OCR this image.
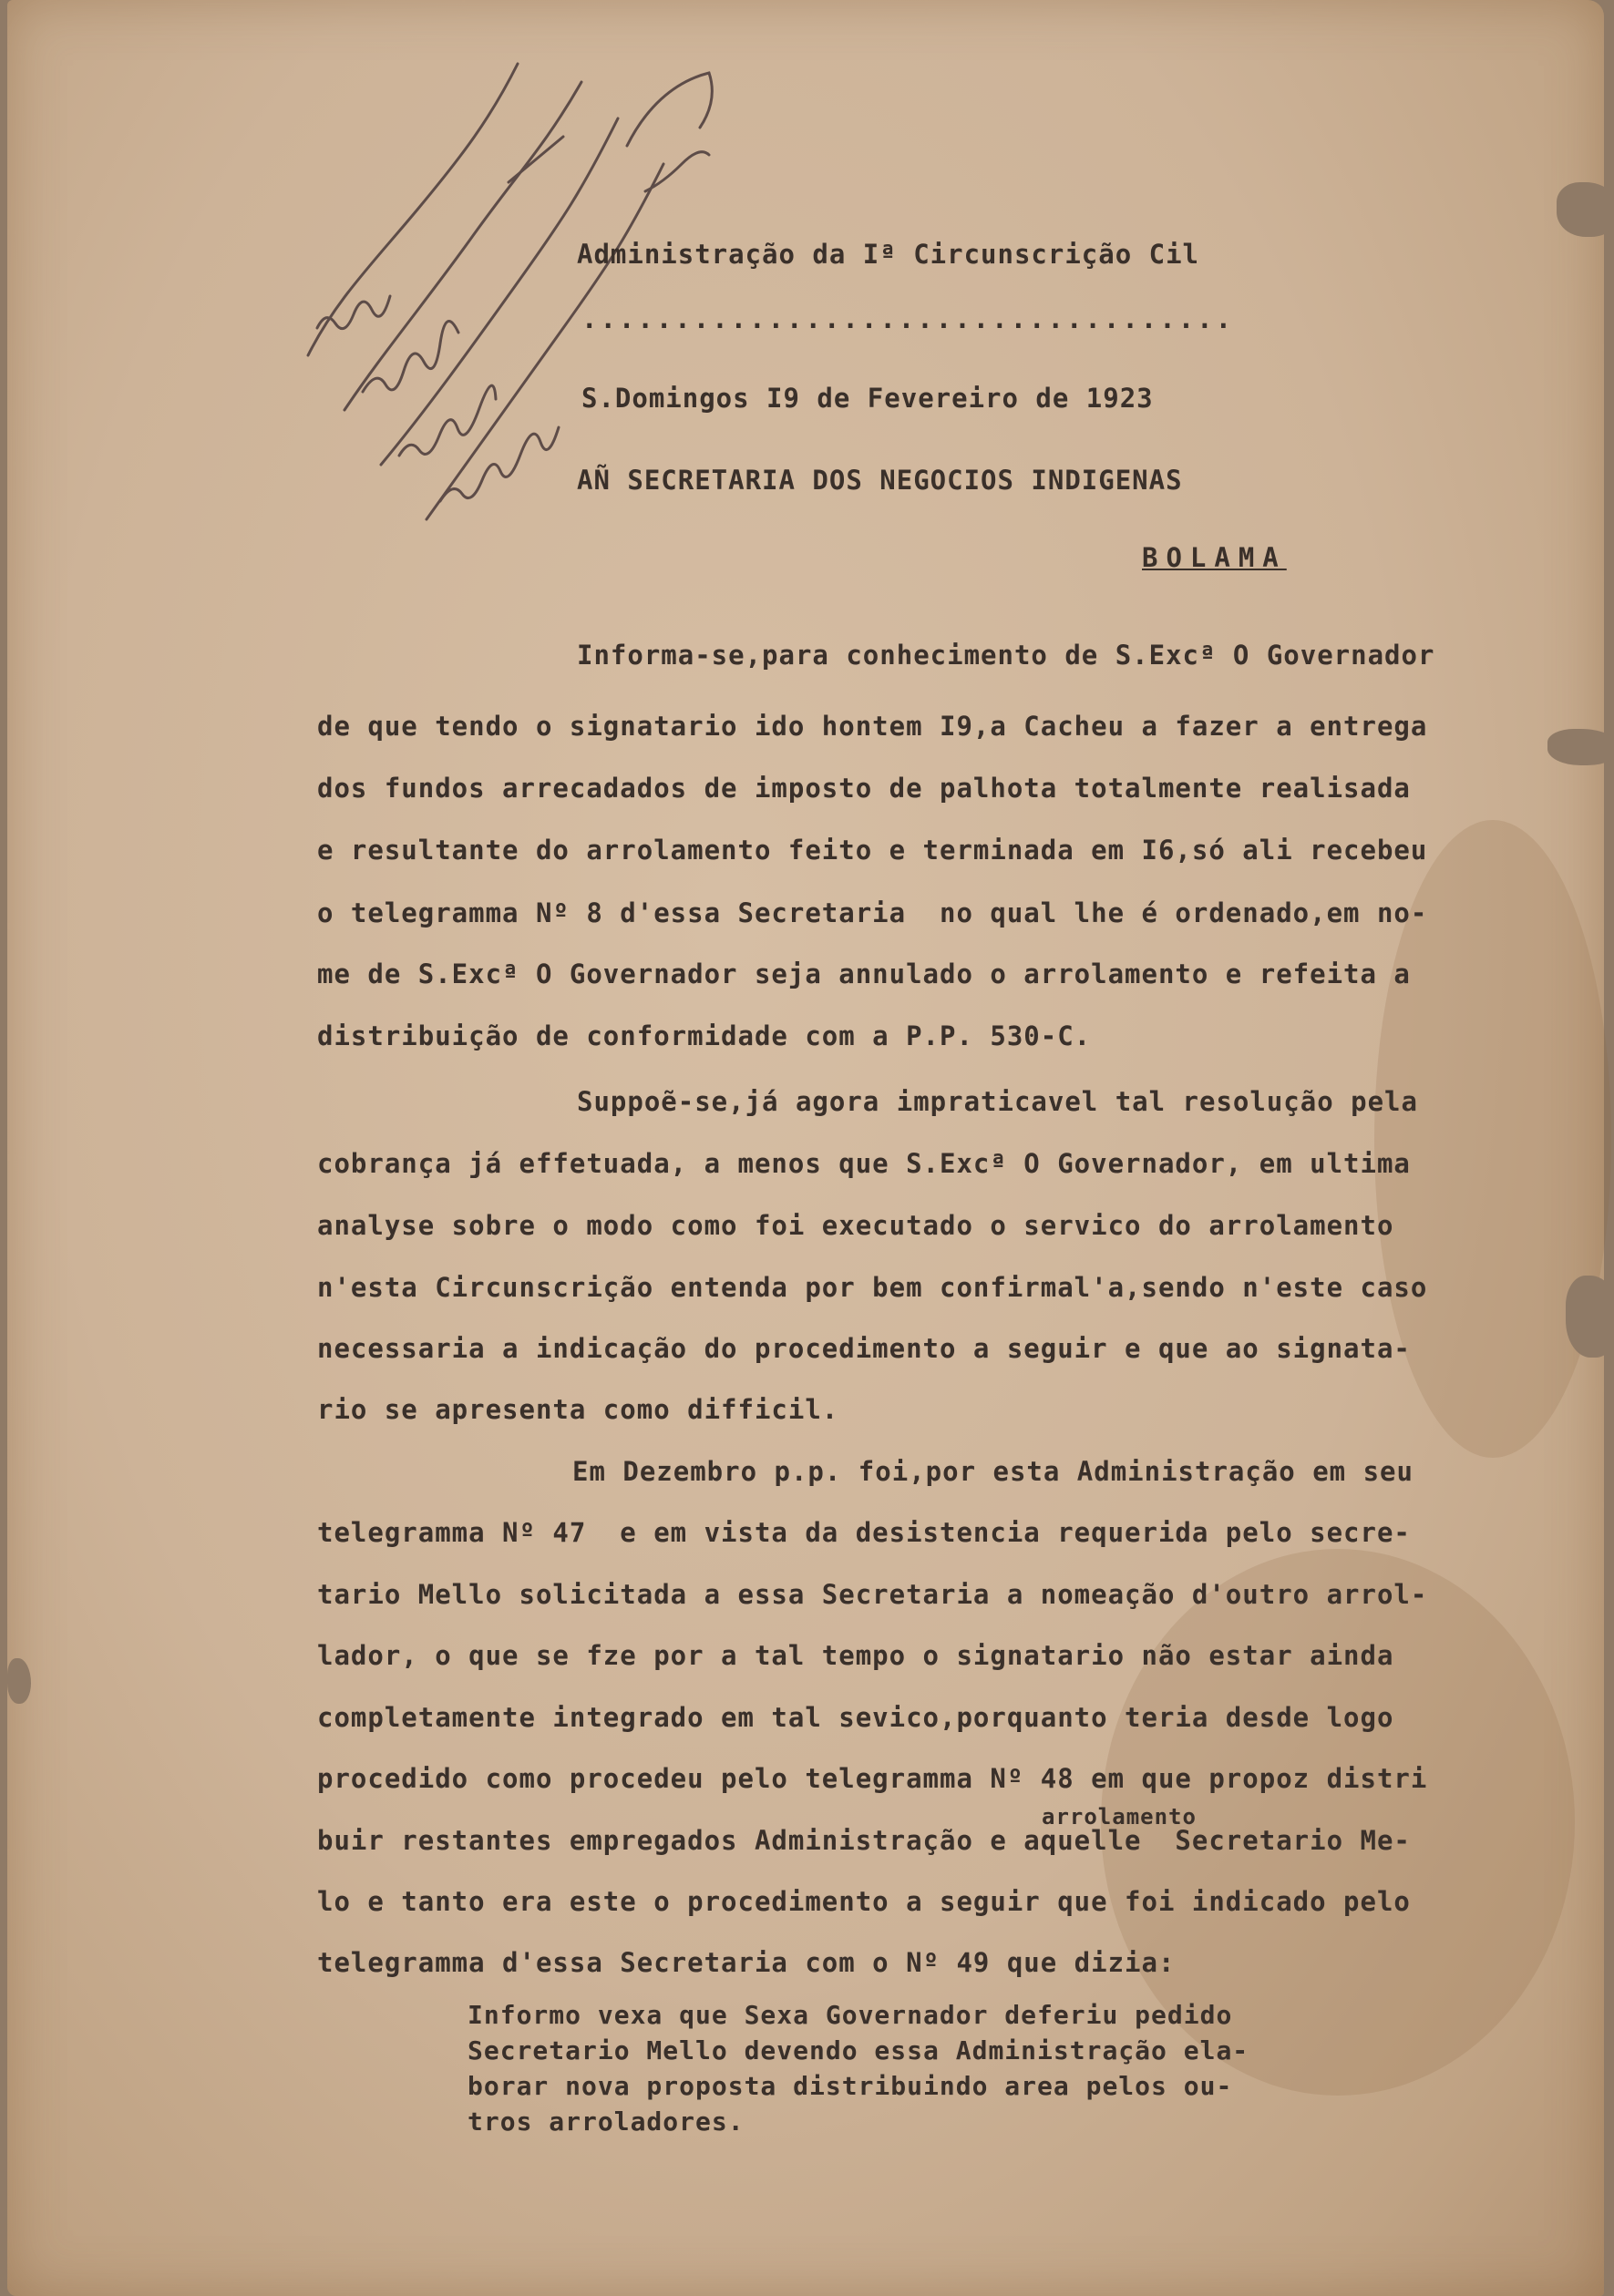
Administração da Iª Circunscrição Cil

...................................

S.Domingos I9 de Fevereiro de 1923

AÑ SECRETARIA DOS NEGOCIOS INDIGENAS

BOLAMA

Informa-se,para conhecimento de S.Excª O Governador

de que tendo o signatario ido hontem I9,a Cacheu a fazer a entrega

dos fundos arrecadados de imposto de palhota totalmente realisada

e resultante do arrolamento feito e terminada em I6,só ali recebeu

o telegramma Nº 8 d'essa Secretaria  no qual lhe é ordenado,em no-

me de S.Excª O Governador seja annulado o arrolamento e refeita a

distribuição de conformidade com a P.P. 530-C.

Suppoẽ-se,já agora impraticavel tal resolução pela

cobrança já effetuada, a menos que S.Excª O Governador, em ultima

analyse sobre o modo como foi executado o servico do arrolamento

n'esta Circunscrição entenda por bem confirmal'a,sendo n'este caso

necessaria a indicação do procedimento a seguir e que ao signata-

rio se apresenta como difficil.

Em Dezembro p.p. foi,por esta Administração em seu

telegramma Nº 47  e em vista da desistencia requerida pelo secre-

tario Mello solicitada a essa Secretaria a nomeação d'outro arrol-

lador, o que se fze por a tal tempo o signatario não estar ainda

completamente integrado em tal sevico,porquanto teria desde logo

procedido como procedeu pelo telegramma Nº 48 em que propoz distri

arrolamento

buir restantes empregados Administração e aquelle  Secretario Me-

lo e tanto era este o procedimento a seguir que foi indicado pelo

telegramma d'essa Secretaria com o Nº 49 que dizia:

Informo vexa que Sexa Governador deferiu pedido

Secretario Mello devendo essa Administração ela-

borar nova proposta distribuindo area pelos ou-

tros arroladores.
